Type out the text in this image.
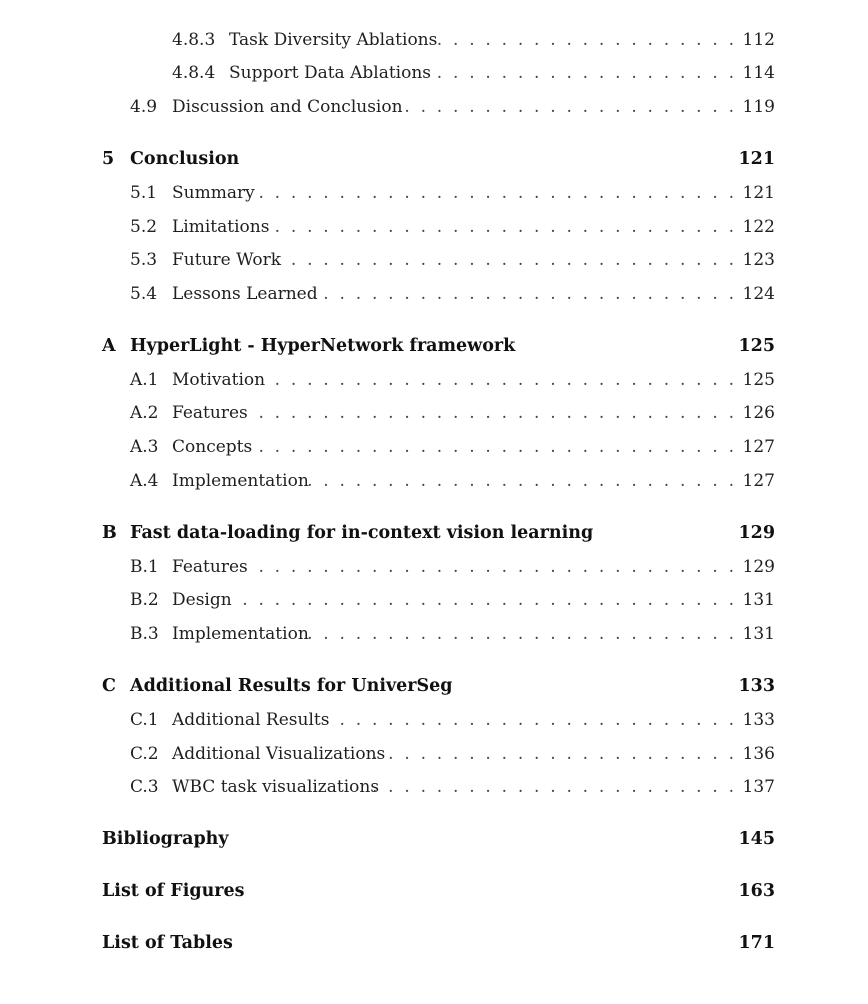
4.8.3 Task Diversity Ablations . .	112
4.8.4 Support Data Ablations . .	114
4.9 Discussion and Conclusion . .	119
5 Conclusion	121
5.1 Summary . .	121
5.2 Limitations . .	122
5.3 Future Work . .	123
5.4 Lessons Learned . .	124
A HyperLight - HyperNetwork framework	125
A.1 Motivation . .	125
A.2 Features . .	126
A.3 Concepts . .	127
A.4 Implementation . .	127
B Fast data-loading for in-context vision learning	129
B.1 Features . .	129
B.2 Design . .	131
B.3 Implementation . .	131
C Additional Results for UniverSeg	133
C.1 Additional Results . .	133
C.2 Additional Visualizations . .	136
C.3 WBC task visualizations . .	137
Bibliography	145
List of Figures	163
List of Tables	171
